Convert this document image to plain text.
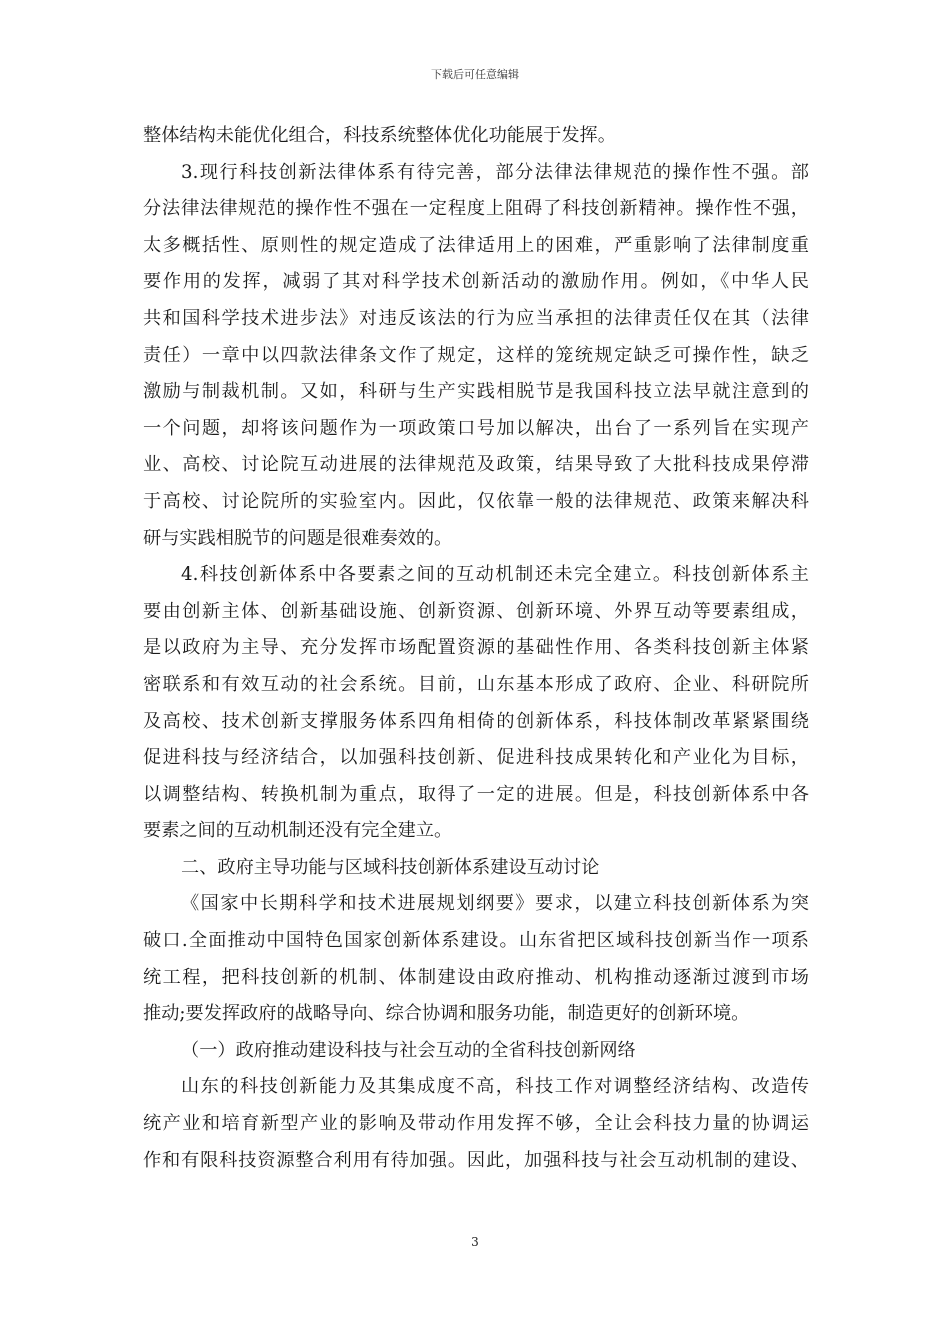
下载后可任意编辑
整体结构未能优化组合，科技系统整体优化功能展于发挥。
3.现行科技创新法律体系有待完善，部分法律法律规范的操作性不强。部
分法律法律规范的操作性不强在一定程度上阻碍了科技创新精神。操作性不强，
太多概括性、原则性的规定造成了法律适用上的困难，严重影响了法律制度重
要作用的发挥，减弱了其对科学技术创新活动的激励作用。例如，《中华人民
共和国科学技术进步法》对违反该法的行为应当承担的法律责任仅在其（法律
责任）一章中以四款法律条文作了规定，这样的笼统规定缺乏可操作性，缺乏
激励与制裁机制。又如，科研与生产实践相脱节是我国科技立法早就注意到的
一个问题，却将该问题作为一项政策口号加以解决，出台了一系列旨在实现产
业、高校、讨论院互动进展的法律规范及政策，结果导致了大批科技成果停滞
于高校、讨论院所的实验室内。因此，仅依靠一般的法律规范、政策来解决科
研与实践相脱节的问题是很难奏效的。
4.科技创新体系中各要素之间的互动机制还未完全建立。科技创新体系主
要由创新主体、创新基础设施、创新资源、创新环境、外界互动等要素组成，
是以政府为主导、充分发挥市场配置资源的基础性作用、各类科技创新主体紧
密联系和有效互动的社会系统。目前，山东基本形成了政府、企业、科研院所
及高校、技术创新支撑服务体系四角相倚的创新体系，科技体制改革紧紧围绕
促进科技与经济结合，以加强科技创新、促进科技成果转化和产业化为目标，
以调整结构、转换机制为重点，取得了一定的进展。但是，科技创新体系中各
要素之间的互动机制还没有完全建立。
二、政府主导功能与区域科技创新体系建设互动讨论
《国家中长期科学和技术进展规划纲要》要求，以建立科技创新体系为突
破口.全面推动中国特色国家创新体系建设。山东省把区域科技创新当作一项系
统工程，把科技创新的机制、体制建设由政府推动、机构推动逐渐过渡到市场
推动;要发挥政府的战略导向、综合协调和服务功能，制造更好的创新环境。
（一）政府推动建设科技与社会互动的全省科技创新网络
山东的科技创新能力及其集成度不高，科技工作对调整经济结构、改造传
统产业和培育新型产业的影响及带动作用发挥不够，全让会科技力量的协调运
作和有限科技资源整合利用有待加强。因此，加强科技与社会互动机制的建设、
3
